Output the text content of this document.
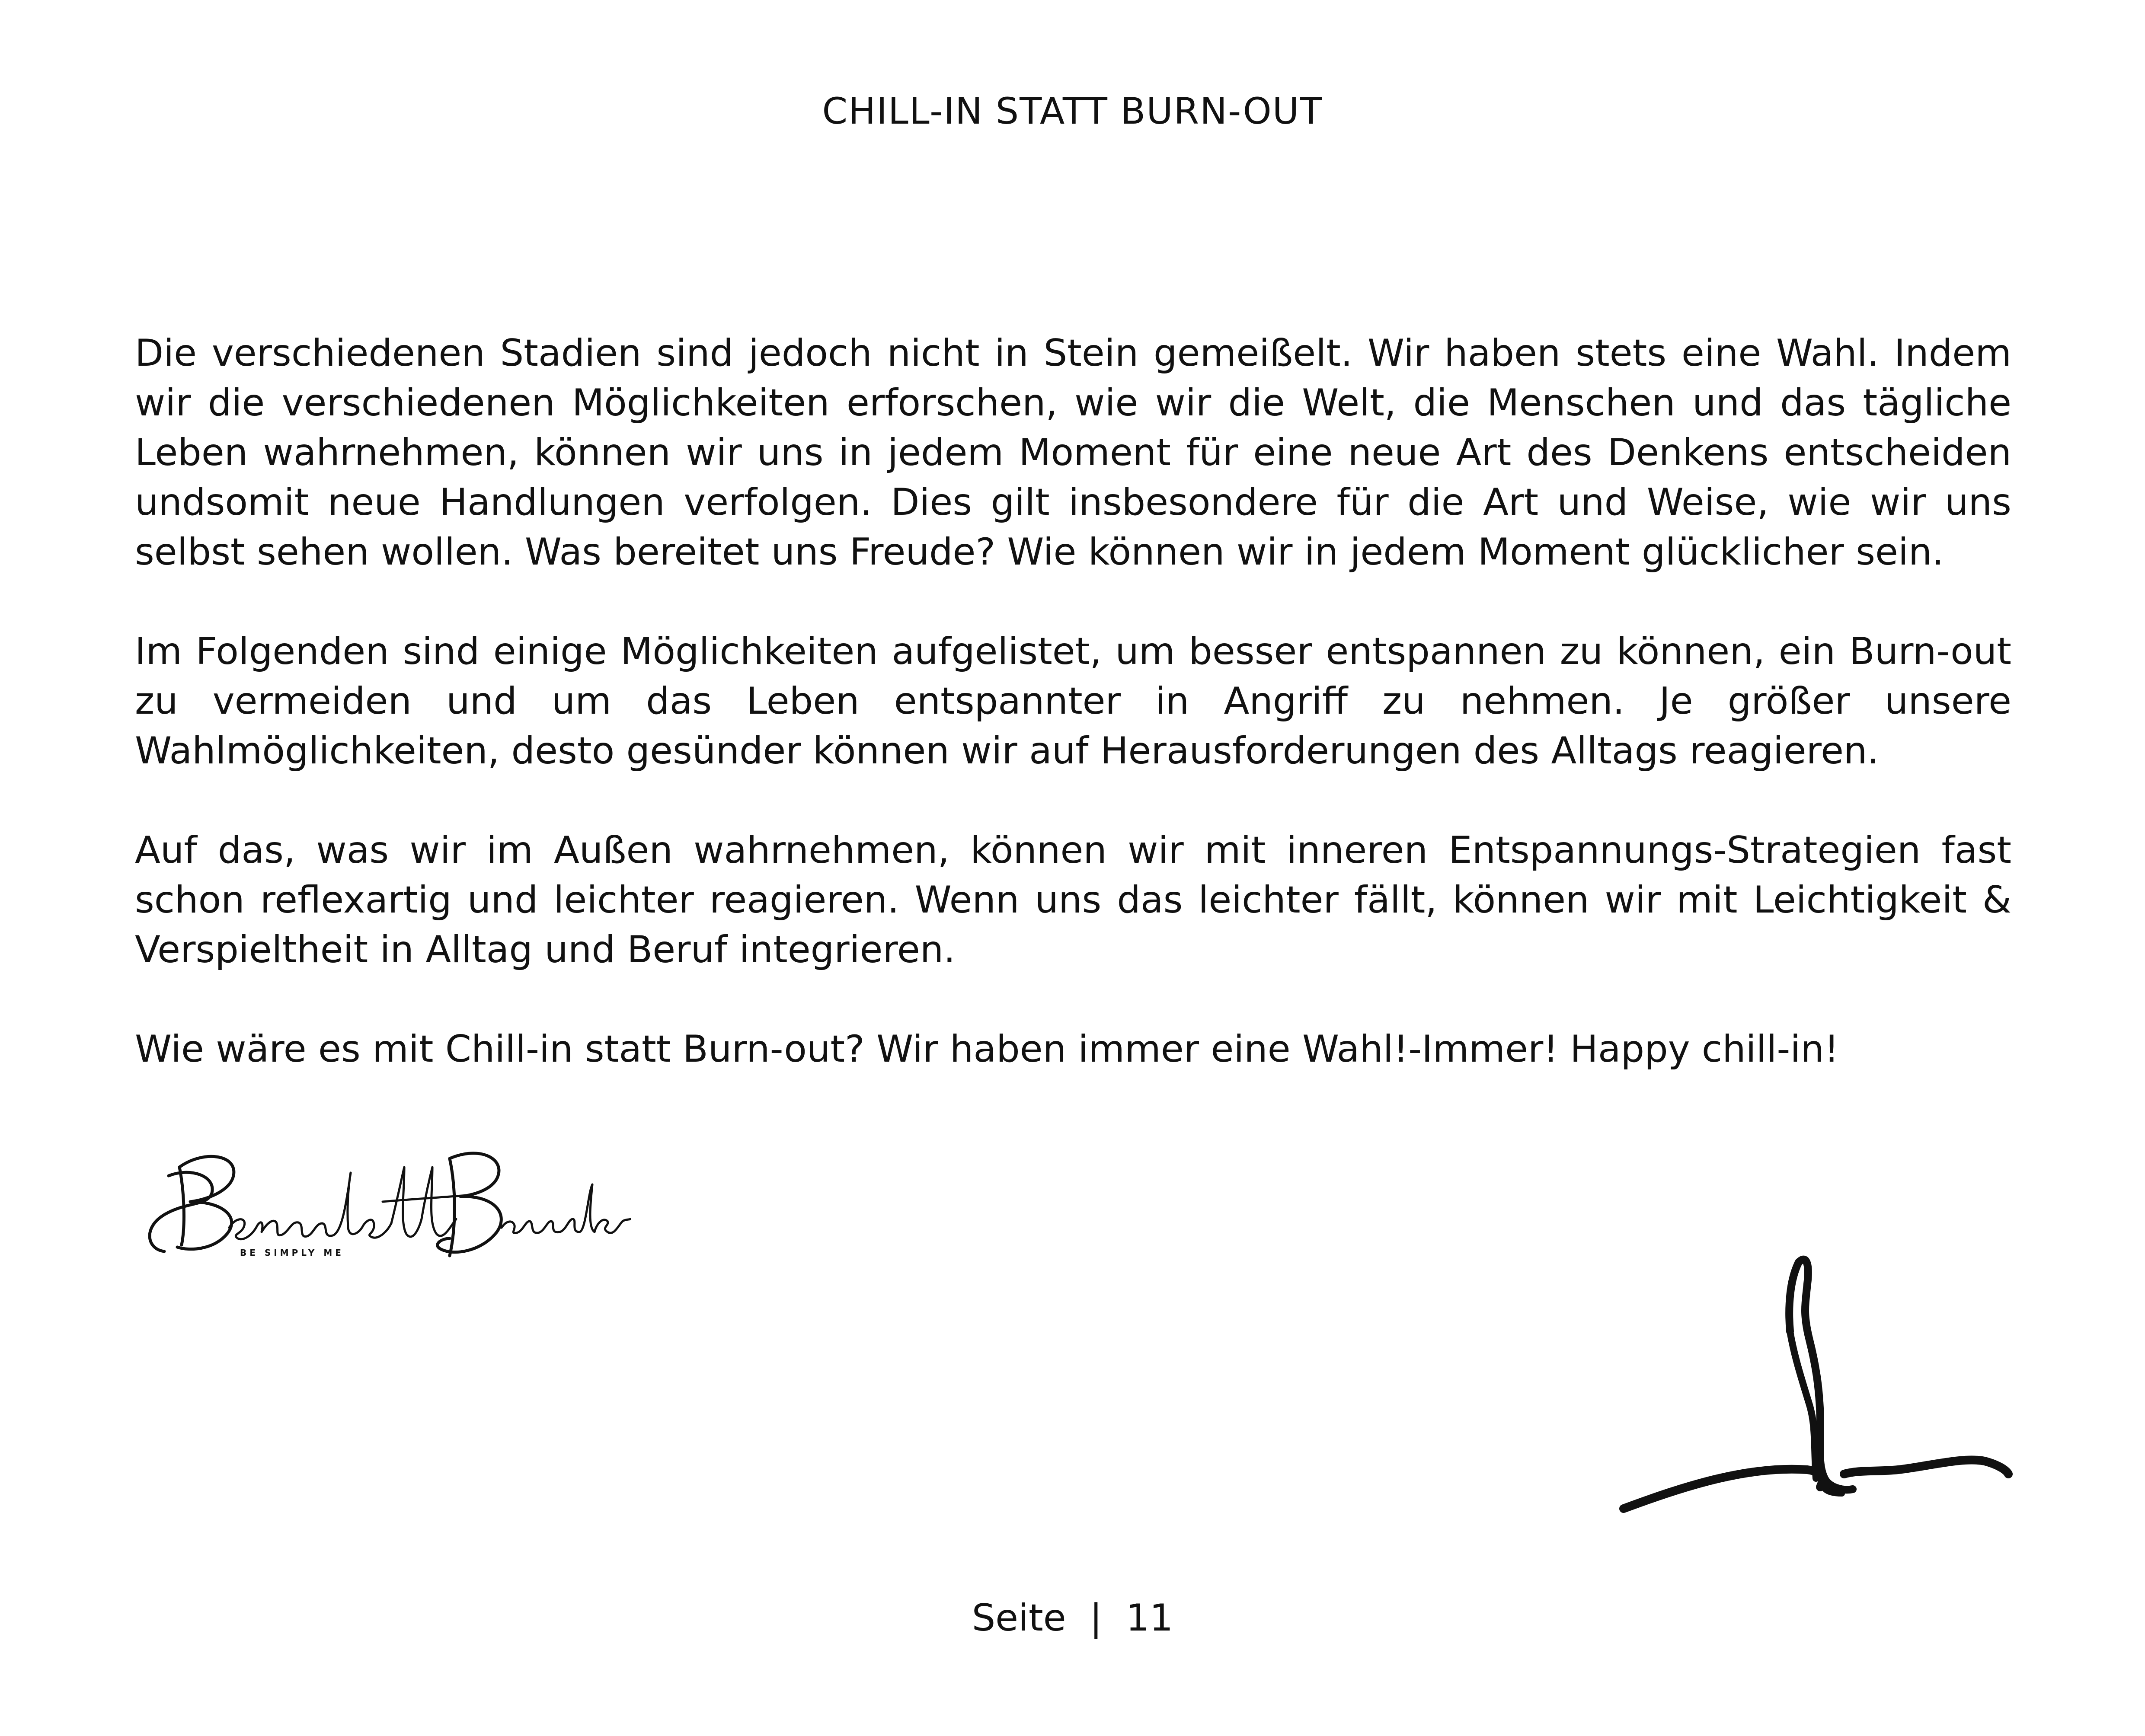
CHILL-IN STATT BURN-OUT

Die verschiedenen Stadien sind jedoch nicht in Stein gemeißelt. Wir haben stets eine Wahl. Indem wir die verschiedenen Möglichkeiten erforschen, wie wir die Welt, die Menschen und das tägliche Leben wahrnehmen, können wir uns in jedem Moment für eine neue Art des Denkens entscheiden undsomit neue Handlungen verfolgen. Dies gilt insbesondere für die Art und Weise, wie wir uns selbst sehen wollen. Was bereitet uns Freude? Wie können wir in jedem Moment glücklicher sein.

Im Folgenden sind einige Möglichkeiten aufgelistet, um besser entspannen zu können, ein Burn-out zu vermeiden und um das Leben entspannter in Angriff zu nehmen. Je größer unsere Wahlmöglichkeiten, desto gesünder können wir auf Herausforderungen des Alltags reagieren.

Auf das, was wir im Außen wahrnehmen, können wir mit inneren Entspannungs-Strategien fast schon reflexartig und leichter reagieren. Wenn uns das leichter fällt, können wir mit Leichtigkeit & Verspieltheit in Alltag und Beruf integrieren.

Wie wäre es mit Chill-in statt Burn-out? Wir haben immer eine Wahl!-Immer! Happy chill-in!

BE SIMPLY ME
Seite | 11
